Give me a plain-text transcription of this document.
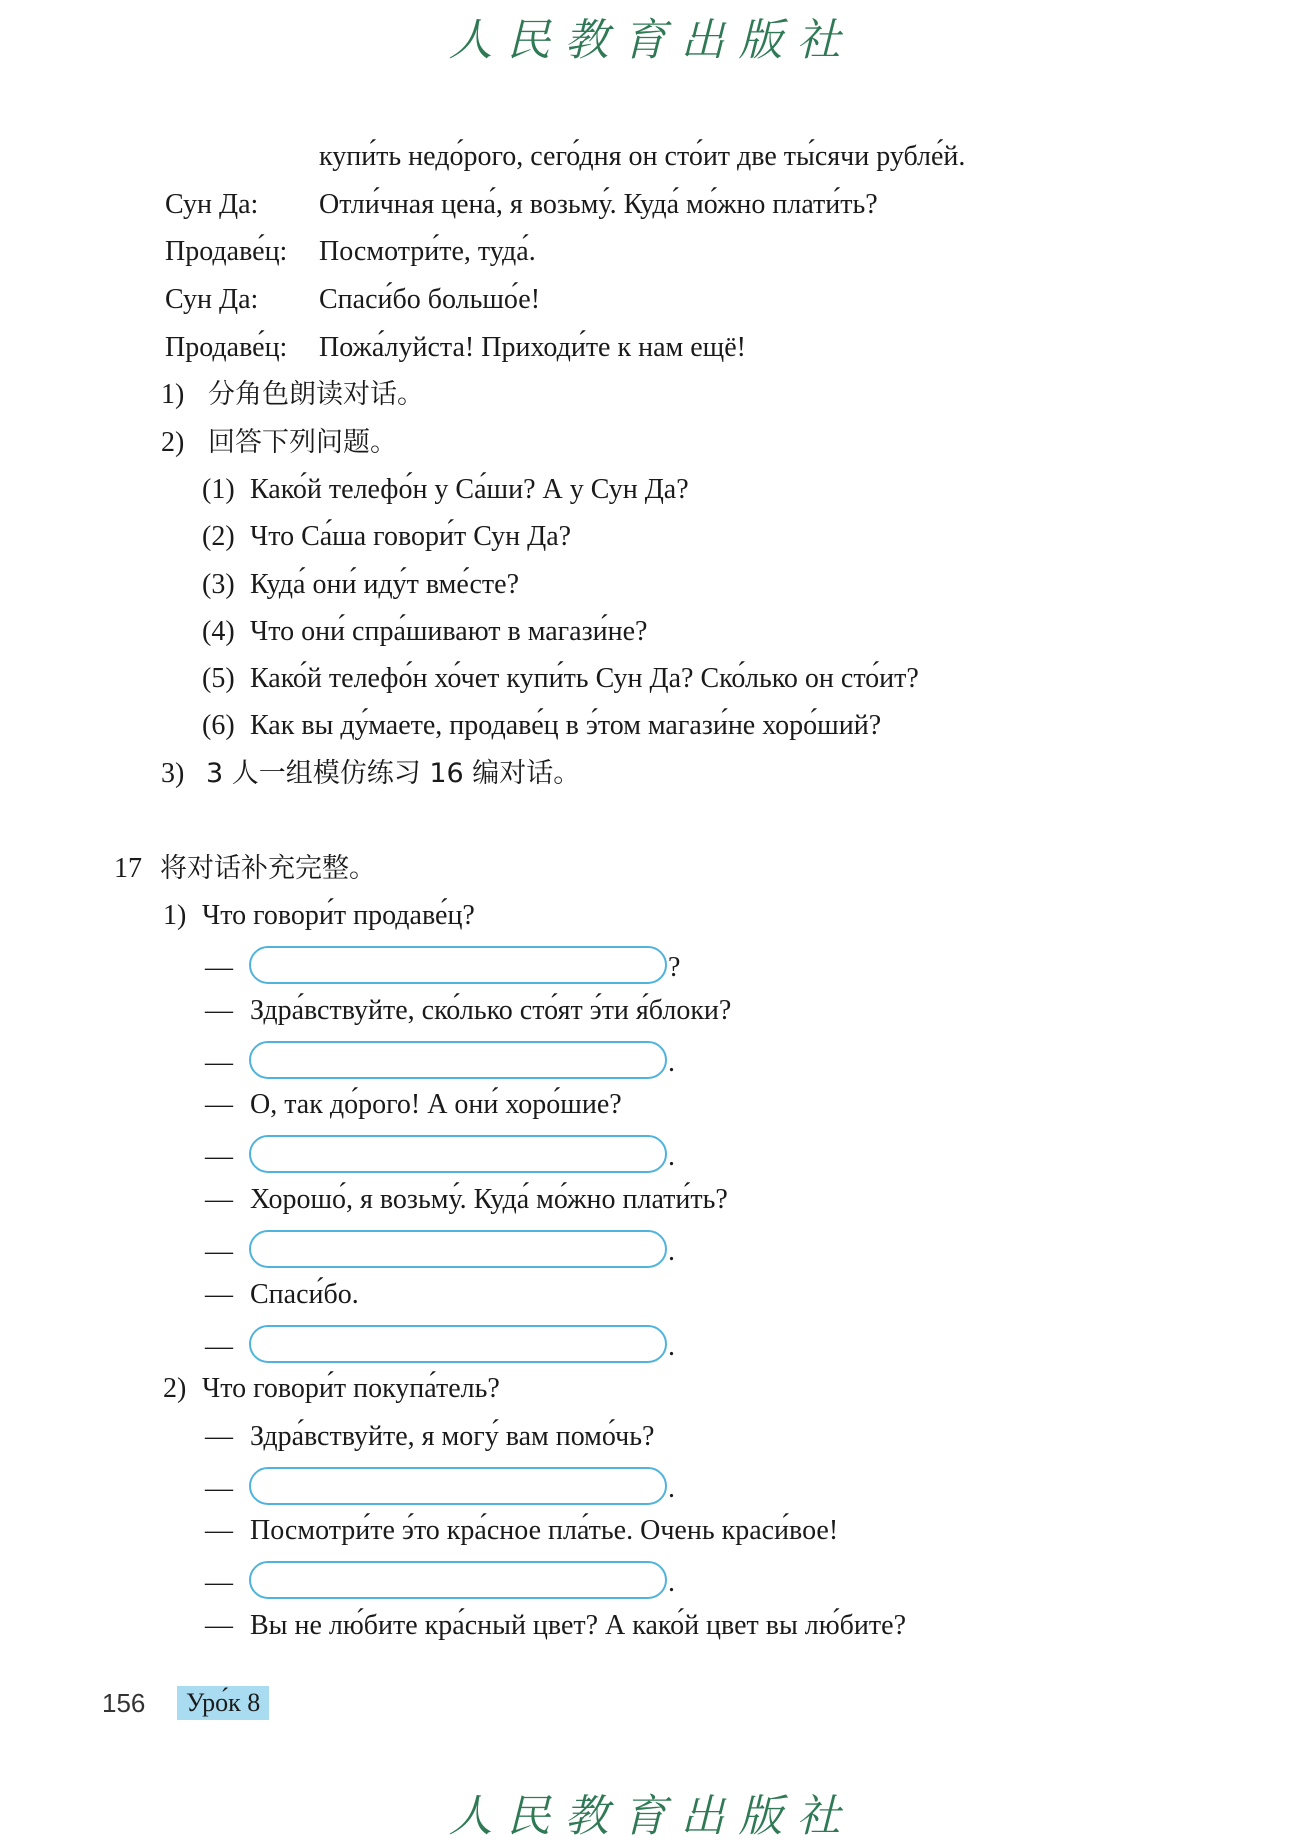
人民教育出版社
купи́ть недо́рого, сего́дня он сто́ит две ты́сячи рубле́й.
Сун Да: Отли́чная цена́, я возьму́. Куда́ мо́жно плати́ть?
Продаве́ц: Посмотри́те, туда́.
Сун Да: Спаси́бо большо́е!
Продаве́ц: Пожа́луйста! Приходи́те к нам ещё!
1) 分角色朗读对话。
2) 回答下列问题。
(1) Како́й телефо́н у Са́ши? А у Сун Да?
(2) Что Са́ша говори́т Сун Да?
(3) Куда́ они́ иду́т вме́сте?
(4) Что они́ спра́шивают в магази́не?
(5) Како́й телефо́н хо́чет купи́ть Сун Да? Ско́лько он сто́ит?
(6) Как вы ду́маете, продаве́ц в э́том магази́не хоро́ший?
3) 3 人一组模仿练习 16 编对话。
17 将对话补充完整。
1) Что говори́т продаве́ц?
—	?
— Здра́вствуйте, ско́лько сто́ят э́ти я́блоки?
—	.
— О, так до́рого! А они́ хоро́шие?
—	.
— Хорошо́, я возьму́. Куда́ мо́жно плати́ть?
—	.
— Спаси́бо.
—	.
2) Что говори́т покупа́тель?
— Здра́вствуйте, я могу́ вам помо́чь?
—	.
— Посмотри́те э́то кра́сное пла́тье. Очень краси́вое!
—	.
— Вы не лю́бите кра́сный цвет? А како́й цвет вы лю́бите?
156	Уро́к 8
人民教育出版社
